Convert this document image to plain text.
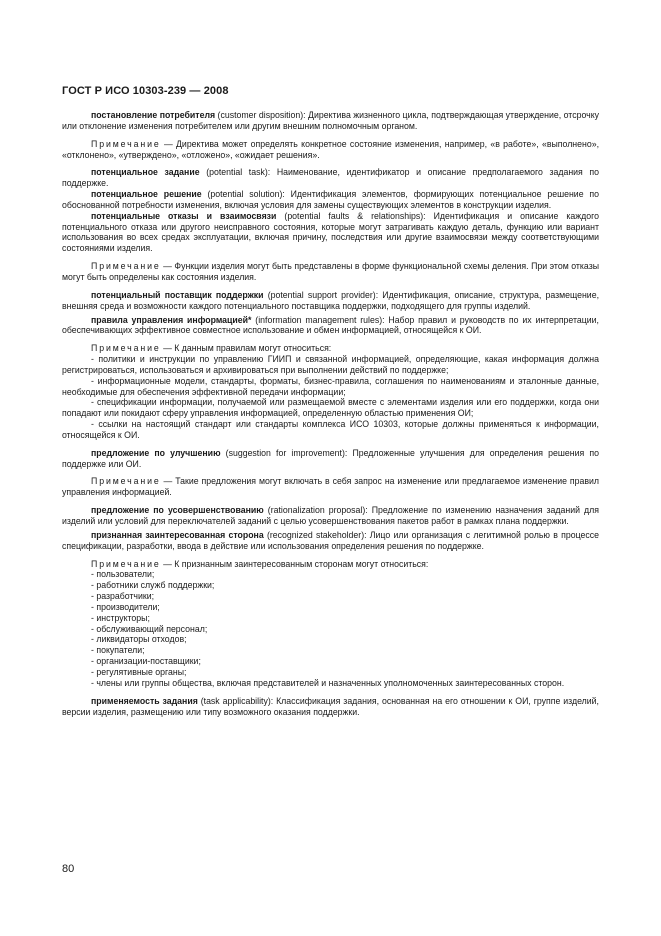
ГОСТ Р ИСО 10303-239 — 2008

постановление потребителя (customer disposition): Директива жизненного цикла, подтверждающая утверждение, отсрочку или отклонение изменения потребителем или другим внешним полномочным органом.

Примечание — Директива может определять конкретное состояние изменения, например, «в работе», «выполнено», «отклонено», «утверждено», «отложено», «ожидает решения».

потенциальное задание (potential task): Наименование, идентификатор и описание предполагаемого задания по поддержке.

потенциальное решение (potential solution): Идентификация элементов, формирующих потенциальное решение по обоснованной потребности изменения, включая условия для замены существующих элементов в конструкции изделия.

потенциальные отказы и взаимосвязи (potential faults & relationships): Идентификация и описание каждого потенциального отказа или другого неисправного состояния, которые могут затрагивать каждую деталь, функцию или вариант использования во всех средах эксплуатации, включая причину, последствия или другие взаимосвязи между соответствующими состояниями изделия.

Примечание — Функции изделия могут быть представлены в форме функциональной схемы деления. При этом отказы могут быть определены как состояния изделия.

потенциальный поставщик поддержки (potential support provider): Идентификация, описание, структура, размещение, внешняя среда и возможности каждого потенциального поставщика поддержки, подходящего для группы изделий.

правила управления информацией* (information management rules): Набор правил и руководств по их интерпретации, обеспечивающих эффективное совместное использование и обмен информацией, относящейся к ОИ.

Примечание — К данным правилам могут относиться:

- политики и инструкции по управлению ГИИП и связанной информацией, определяющие, какая информация должна регистрироваться, использоваться и архивироваться при выполнении действий по поддержке;

- информационные модели, стандарты, форматы, бизнес-правила, соглашения по наименованиям и эталонные данные, необходимые для обеспечения эффективной передачи информации;

- спецификации информации, получаемой или размещаемой вместе с элементами изделия или его поддержки, когда они попадают или покидают сферу управления информацией, определенную областью применения ОИ;

- ссылки на настоящий стандарт или стандарты комплекса ИСО 10303, которые должны применяться к информации, относящейся к ОИ.

предложение по улучшению (suggestion for improvement): Предложенные улучшения для определения решения по поддержке или ОИ.

Примечание — Такие предложения могут включать в себя запрос на изменение или предлагаемое изменение правил управления информацией.

предложение по усовершенствованию (rationalization proposal): Предложение по изменению назначения заданий для изделий или условий для переключателей заданий с целью усовершенствования пакетов работ в рамках плана поддержки.

признанная заинтересованная сторона (recognized stakeholder): Лицо или организация с легитимной ролью в процессе спецификации, разработки, ввода в действие или использования определения решения по поддержке.

Примечание — К признанным заинтересованным сторонам могут относиться:

- пользователи;

- работники служб поддержки;

- разработчики;

- производители;

- инструкторы;

- обслуживающий персонал;

- ликвидаторы отходов;

- покупатели;

- организации-поставщики;

- регулятивные органы;

- члены или группы общества, включая представителей и назначенных уполномоченных заинтересованных сторон.

применяемость задания (task applicability): Классификация задания, основанная на его отношении к ОИ, группе изделий, версии изделия, размещению или типу возможного оказания поддержки.

80
